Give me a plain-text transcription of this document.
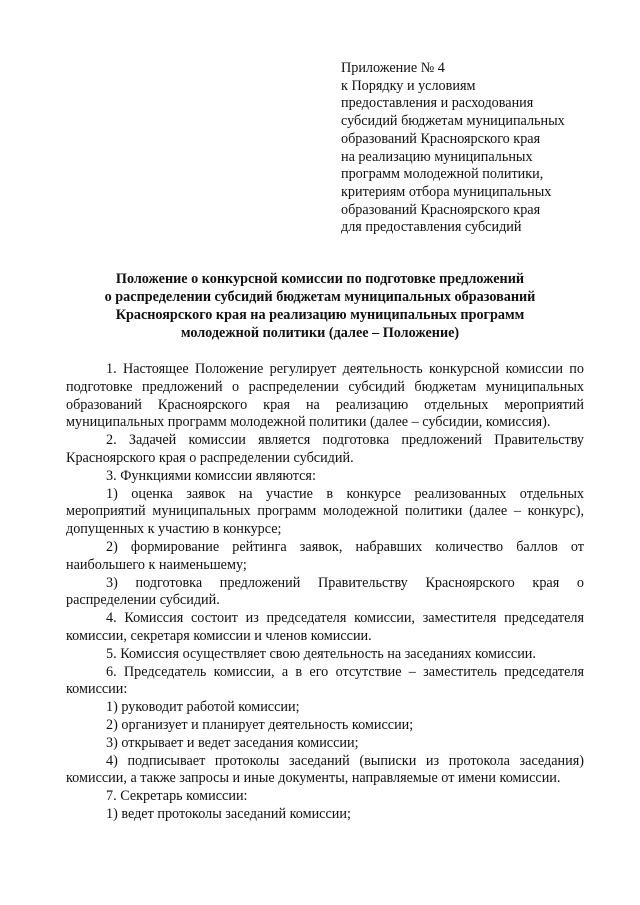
Приложение № 4
к Порядку и условиям
предоставления и расходования
субсидий бюджетам муниципальных
образований Красноярского края
на реализацию муниципальных
программ молодежной политики,
критериям отбора муниципальных
образований Красноярского края
для предоставления субсидий
Положение о конкурсной комиссии по подготовке предложений
о распределении субсидий бюджетам муниципальных образований
Красноярского края на реализацию муниципальных программ
молодежной политики (далее – Положение)

1. Настоящее Положение регулирует деятельность конкурсной комиссии по подготовке предложений о распределении субсидий бюджетам муниципальных образований Красноярского края на реализацию отдельных мероприятий муниципальных программ молодежной политики (далее – субсидии, комиссия).

2. Задачей комиссии является подготовка предложений Правительству Красноярского края о распределении субсидий.

3. Функциями комиссии являются:

1) оценка заявок на участие в конкурсе реализованных отдельных мероприятий муниципальных программ молодежной политики (далее – конкурс), допущенных к участию в конкурсе;

2) формирование рейтинга заявок, набравших количество баллов от наибольшего к наименьшему;

3) подготовка предложений Правительству Красноярского края о распределении субсидий.

4. Комиссия состоит из председателя комиссии, заместителя председателя комиссии, секретаря комиссии и членов комиссии.

5. Комиссия осуществляет свою деятельность на заседаниях комиссии.

6. Председатель комиссии, а в его отсутствие – заместитель председателя комиссии:

1) руководит работой комиссии;

2) организует и планирует деятельность комиссии;

3) открывает и ведет заседания комиссии;

4) подписывает протоколы заседаний (выписки из протокола заседания) комиссии, а также запросы и иные документы, направляемые от имени комиссии.

7. Секретарь комиссии:

1) ведет протоколы заседаний комиссии;
